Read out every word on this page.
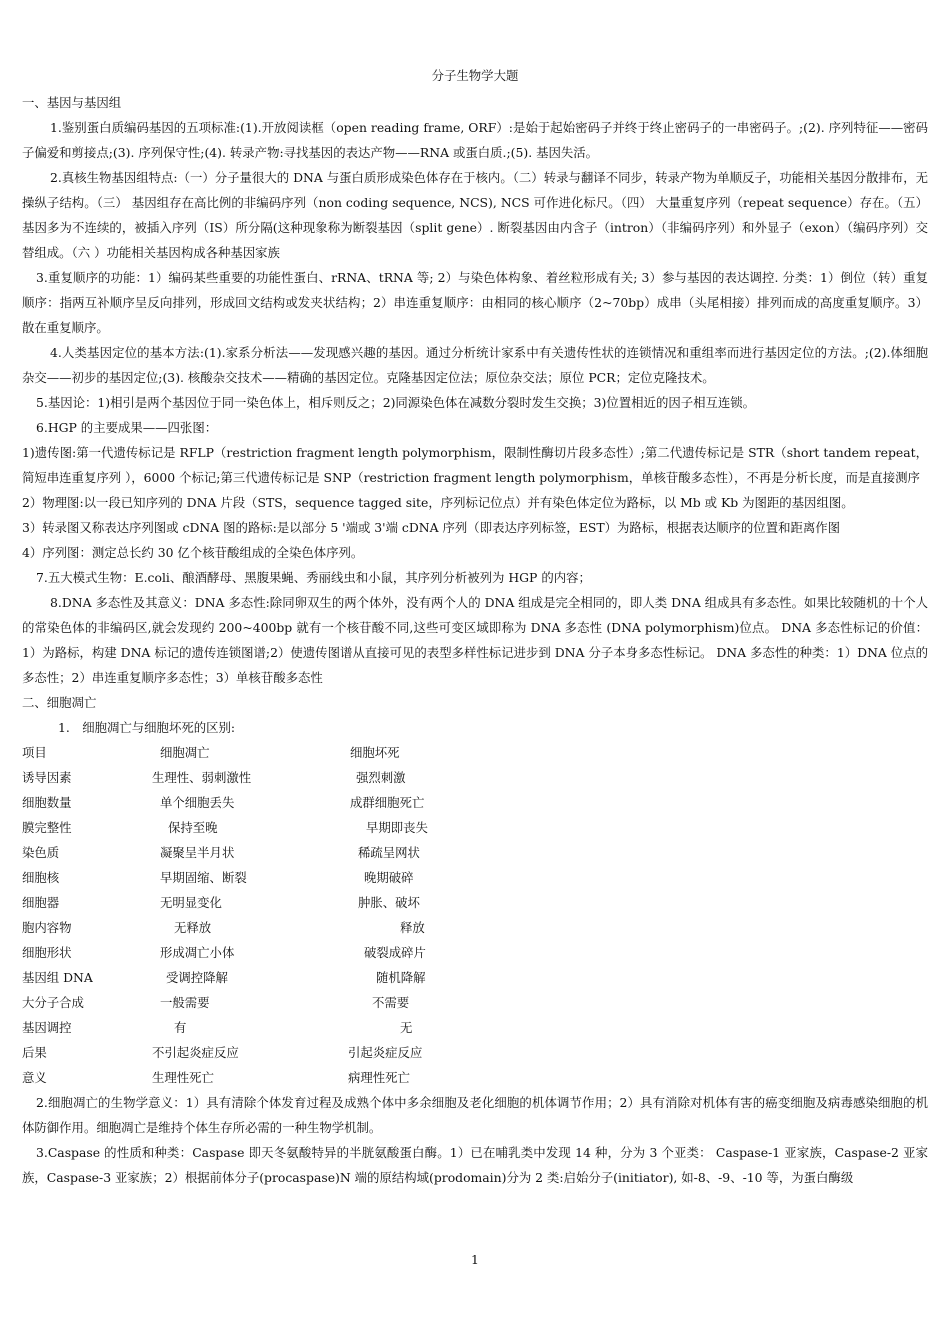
分子生物学大题

一、基因与基因组

1.鉴别蛋白质编码基因的五项标准:(1).开放阅读框（open reading frame, ORF）:是始于起始密码子并终于终止密码子的一串密码子。;(2). 序列特征——密码子偏爱和剪接点;(3). 序列保守性;(4). 转录产物:寻找基因的表达产物——RNA 或蛋白质.;(5). 基因失活。

2.真核生物基因组特点:（一）分子量很大的 DNA 与蛋白质形成染色体存在于核内。（二）转录与翻译不同步，转录产物为单顺反子，功能相关基因分散排布，无操纵子结构。（三） 基因组存在高比例的非编码序列（non coding sequence, NCS), NCS 可作进化标尺。（四） 大量重复序列（repeat sequence）存在。（五） 基因多为不连续的，被插入序列（IS）所分隔(这种现象称为断裂基因（split gene）. 断裂基因由内含子（intron）（非编码序列）和外显子（exon）（编码序列）交替组成。（六 ）功能相关基因构成各种基因家族

3.重复顺序的功能：1）编码某些重要的功能性蛋白、rRNA、tRNA 等; 2）与染色体构象、着丝粒形成有关; 3）参与基因的表达调控. 分类：1）倒位（转）重复顺序：指两互补顺序呈反向排列，形成回文结构或发夹状结构；2）串连重复顺序：由相同的核心顺序（2~70bp）成串（头尾相接）排列而成的高度重复顺序。3）散在重复顺序。

4.人类基因定位的基本方法:(1).家系分析法——发现感兴趣的基因。通过分析统计家系中有关遗传性状的连锁情况和重组率而进行基因定位的方法。;(2).体细胞杂交——初步的基因定位;(3). 核酸杂交技术——精确的基因定位。克隆基因定位法；原位杂交法；原位 PCR；定位克隆技术。

5.基因论：1)相引是两个基因位于同一染色体上，相斥则反之；2)同源染色体在减数分裂时发生交换；3)位置相近的因子相互连锁。

6.HGP 的主要成果——四张图：

1)遗传图:第一代遗传标记是 RFLP（restriction fragment length polymorphism，限制性酶切片段多态性）;第二代遗传标记是 STR（short tandem repeat，简短串连重复序列 ），6000 个标记;第三代遗传标记是 SNP（restriction fragment length polymorphism，单核苷酸多态性），不再是分析长度，而是直接测序

2）物理图:以一段已知序列的 DNA 片段（STS，sequence tagged site，序列标记位点）并有染色体定位为路标，以 Mb 或 Kb 为图距的基因组图。

3）转录图又称表达序列图或 cDNA 图的路标:是以部分 5 '端或 3'端 cDNA 序列（即表达序列标签，EST）为路标，根据表达顺序的位置和距离作图

4）序列图：测定总长约 30 亿个核苷酸组成的全染色体序列。

7.五大模式生物：E.coli、酿酒酵母、黑腹果蝇、秀丽线虫和小鼠，其序列分析被列为 HGP 的内容；

8.DNA 多态性及其意义：DNA 多态性:除同卵双生的两个体外，没有两个人的 DNA 组成是完全相同的，即人类 DNA 组成具有多态性。如果比较随机的十个人的常染色体的非编码区,就会发现约 200~400bp 就有一个核苷酸不同,这些可变区域即称为 DNA 多态性 (DNA polymorphism)位点。 DNA 多态性标记的价值：1）为路标，构建 DNA 标记的遗传连锁图谱;2）使遗传图谱从直接可见的表型多样性标记进步到 DNA 分子本身多态性标记。 DNA 多态性的种类：1）DNA 位点的多态性；2）串连重复顺序多态性；3）单核苷酸多态性

二、细胞凋亡

1.　细胞凋亡与细胞坏死的区别:

项目	细胞凋亡	细胞坏死
诱导因素	生理性、弱刺激性	强烈刺激
细胞数量	单个细胞丢失	成群细胞死亡
膜完整性	保持至晚	早期即丧失
染色质	凝聚呈半月状	稀疏呈网状
细胞核	早期固缩、断裂	晚期破碎
细胞器	无明显变化	肿胀、破坏
胞内容物	无释放	释放
细胞形状	形成凋亡小体	破裂成碎片
基因组 DNA	受调控降解	随机降解
大分子合成	一般需要	不需要
基因调控	有	无
后果	不引起炎症反应	引起炎症反应
意义	生理性死亡	病理性死亡

2.细胞凋亡的生物学意义：1）具有清除个体发育过程及成熟个体中多余细胞及老化细胞的机体调节作用；2）具有消除对机体有害的癌变细胞及病毒感染细胞的机体防御作用。细胞凋亡是维持个体生存所必需的一种生物学机制。

3.Caspase 的性质和种类：Caspase 即天冬氨酸特异的半胱氨酸蛋白酶。1）已在哺乳类中发现 14 种，分为 3 个亚类： Caspase-1 亚家族，Caspase-2 亚家族，Caspase-3 亚家族；2）根据前体分子(procaspase)N 端的原结构域(prodomain)分为 2 类:启始分子(initiator), 如-8、-9、-10 等，为蛋白酶级

1
